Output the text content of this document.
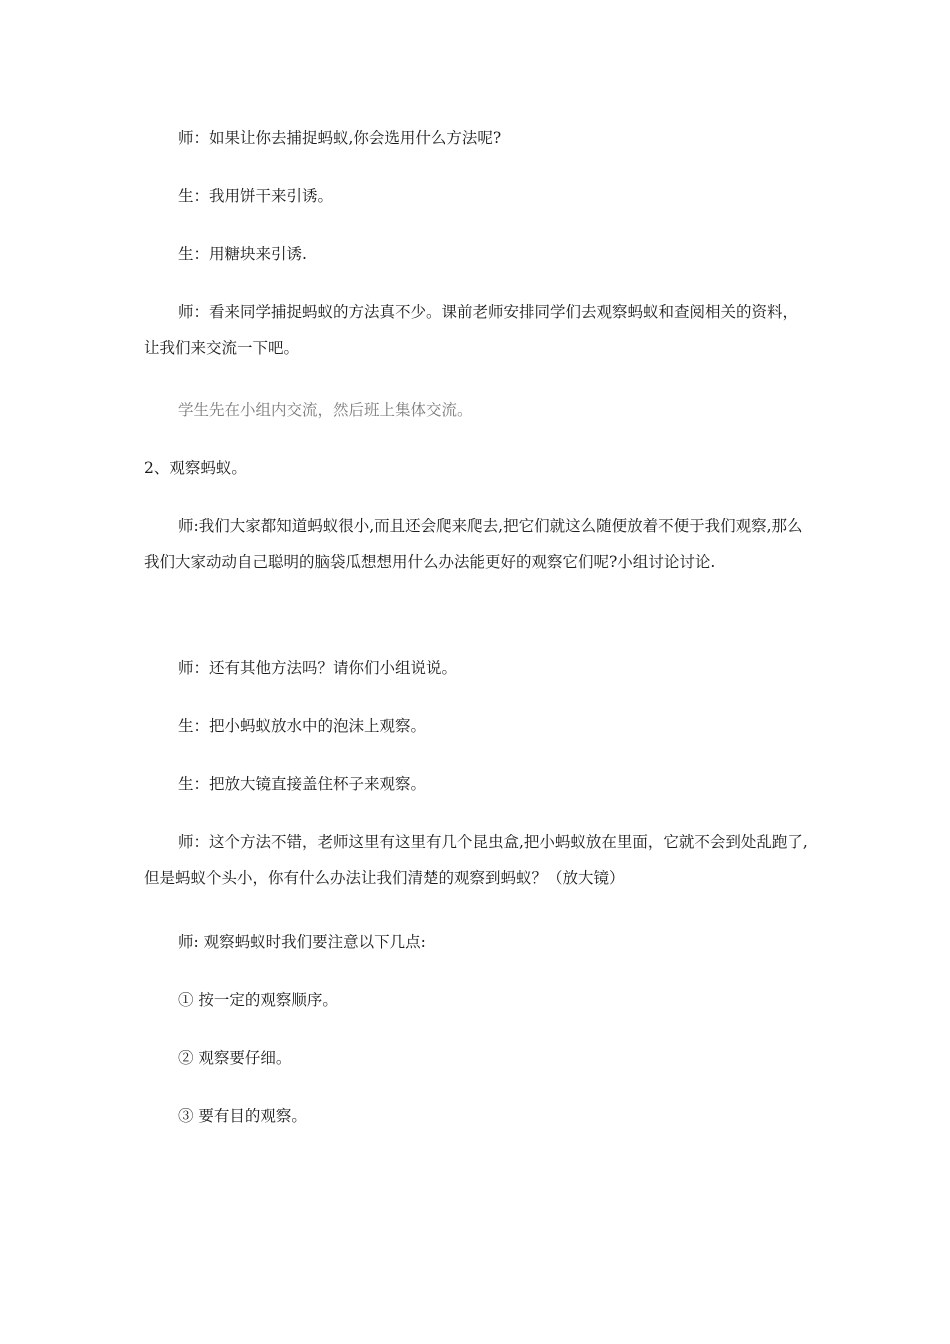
师：如果让你去捕捉蚂蚁,你会选用什么方法呢?

生：我用饼干来引诱。

生：用糖块来引诱.

师：看来同学捕捉蚂蚁的方法真不少。课前老师安排同学们去观察蚂蚁和查阅相关的资料，让我们来交流一下吧。

学生先在小组内交流，然后班上集体交流。

2、观察蚂蚁。

师:我们大家都知道蚂蚁很小,而且还会爬来爬去,把它们就这么随便放着不便于我们观察,那么我们大家动动自己聪明的脑袋瓜想想用什么办法能更好的观察它们呢?小组讨论讨论.

师：还有其他方法吗？请你们小组说说。

生：把小蚂蚁放水中的泡沫上观察。

生：把放大镜直接盖住杯子来观察。

师：这个方法不错，老师这里有这里有几个昆虫盒,把小蚂蚁放在里面，它就不会到处乱跑了,但是蚂蚁个头小，你有什么办法让我们清楚的观察到蚂蚁？（放大镜）

师: 观察蚂蚁时我们要注意以下几点:

① 按一定的观察顺序。

② 观察要仔细。

③ 要有目的观察。
